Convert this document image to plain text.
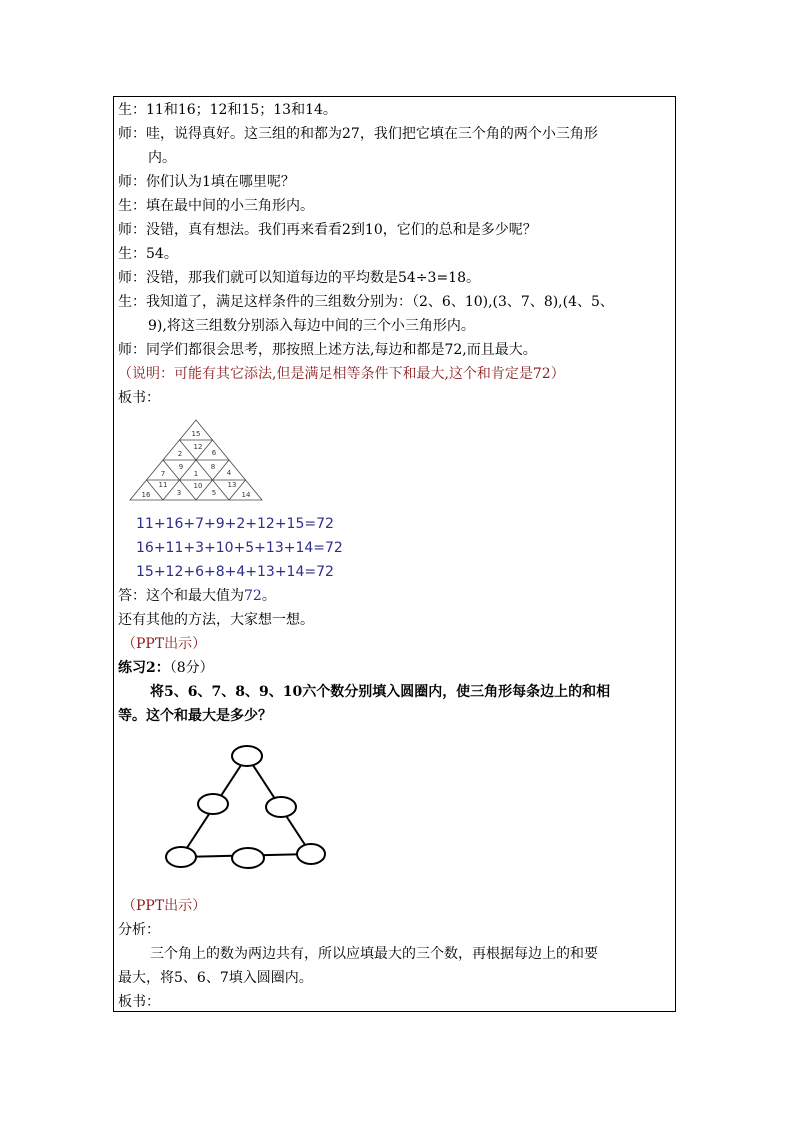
生：11和16；12和15；13和14。
师：哇，说得真好。这三组的和都为27，我们把它填在三个角的两个小三角形
内。
师：你们认为1填在哪里呢？
生：填在最中间的小三角形内。
师：没错，真有想法。我们再来看看2到10，它们的总和是多少呢？
生：54。
师：没错，那我们就可以知道每边的平均数是54÷3=18。
生：我知道了，满足这样条件的三组数分别为：（2、6、10),(3、7、8),(4、5、
9),将这三组数分别添入每边中间的三个小三角形内。
师：同学们都很会思考，那按照上述方法,每边和都是72,而且最大。
（说明：可能有其它添法,但是满足相等条件下和最大,这个和肯定是72）
板书：
15
12
2	6
7
9
1
8
4
11	10	13
16	3	5	14
11+16+7+9+2+12+15=72
16+11+3+10+5+13+14=72
15+12+6+8+4+13+14=72
答：这个和最大值为72。
还有其他的方法，大家想一想。
（PPT出示）
练习2：（8分）
将5、6、7、8、9、10六个数分别填入圆圈内，使三角形每条边上的和相
等。这个和最大是多少？
（PPT出示）
分析：
三个角上的数为两边共有，所以应填最大的三个数，再根据每边上的和要
最大，将5、6、7填入圆圈内。
板书：
